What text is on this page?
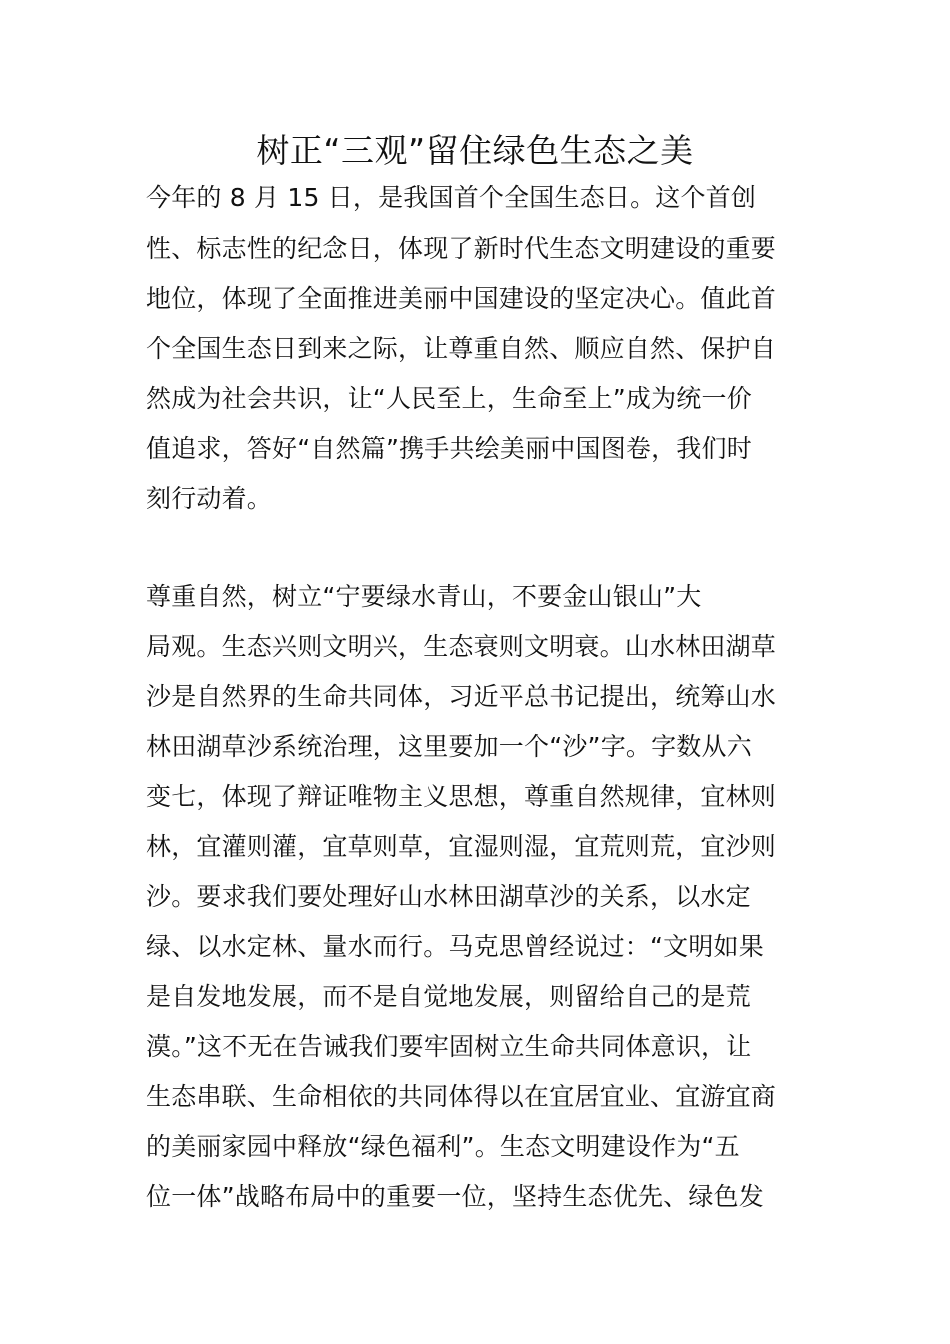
树正“三观”留住绿色生态之美
今年的 8 月 15 日，是我国首个全国生态日。这个首创
性、标志性的纪念日，体现了新时代生态文明建设的重要
地位，体现了全面推进美丽中国建设的坚定决心。值此首
个全国生态日到来之际，让尊重自然、顺应自然、保护自
然成为社会共识，让“人民至上，生命至上”成为统一价
值追求，答好“自然篇”携手共绘美丽中国图卷，我们时
刻行动着。
尊重自然，树立“宁要绿水青山，不要金山银山”大
局观。生态兴则文明兴，生态衰则文明衰。山水林田湖草
沙是自然界的生命共同体，习近平总书记提出，统筹山水
林田湖草沙系统治理，这里要加一个“沙”字。字数从六
变七，体现了辩证唯物主义思想，尊重自然规律，宜林则
林，宜灌则灌，宜草则草，宜湿则湿，宜荒则荒，宜沙则
沙。要求我们要处理好山水林田湖草沙的关系，以水定
绿、以水定林、量水而行。马克思曾经说过：“文明如果
是自发地发展，而不是自觉地发展，则留给自己的是荒
漠。”这不无在告诫我们要牢固树立生命共同体意识，让
生态串联、生命相依的共同体得以在宜居宜业、宜游宜商
的美丽家园中释放“绿色福利”。生态文明建设作为“五
位一体”战略布局中的重要一位，坚持生态优先、绿色发
